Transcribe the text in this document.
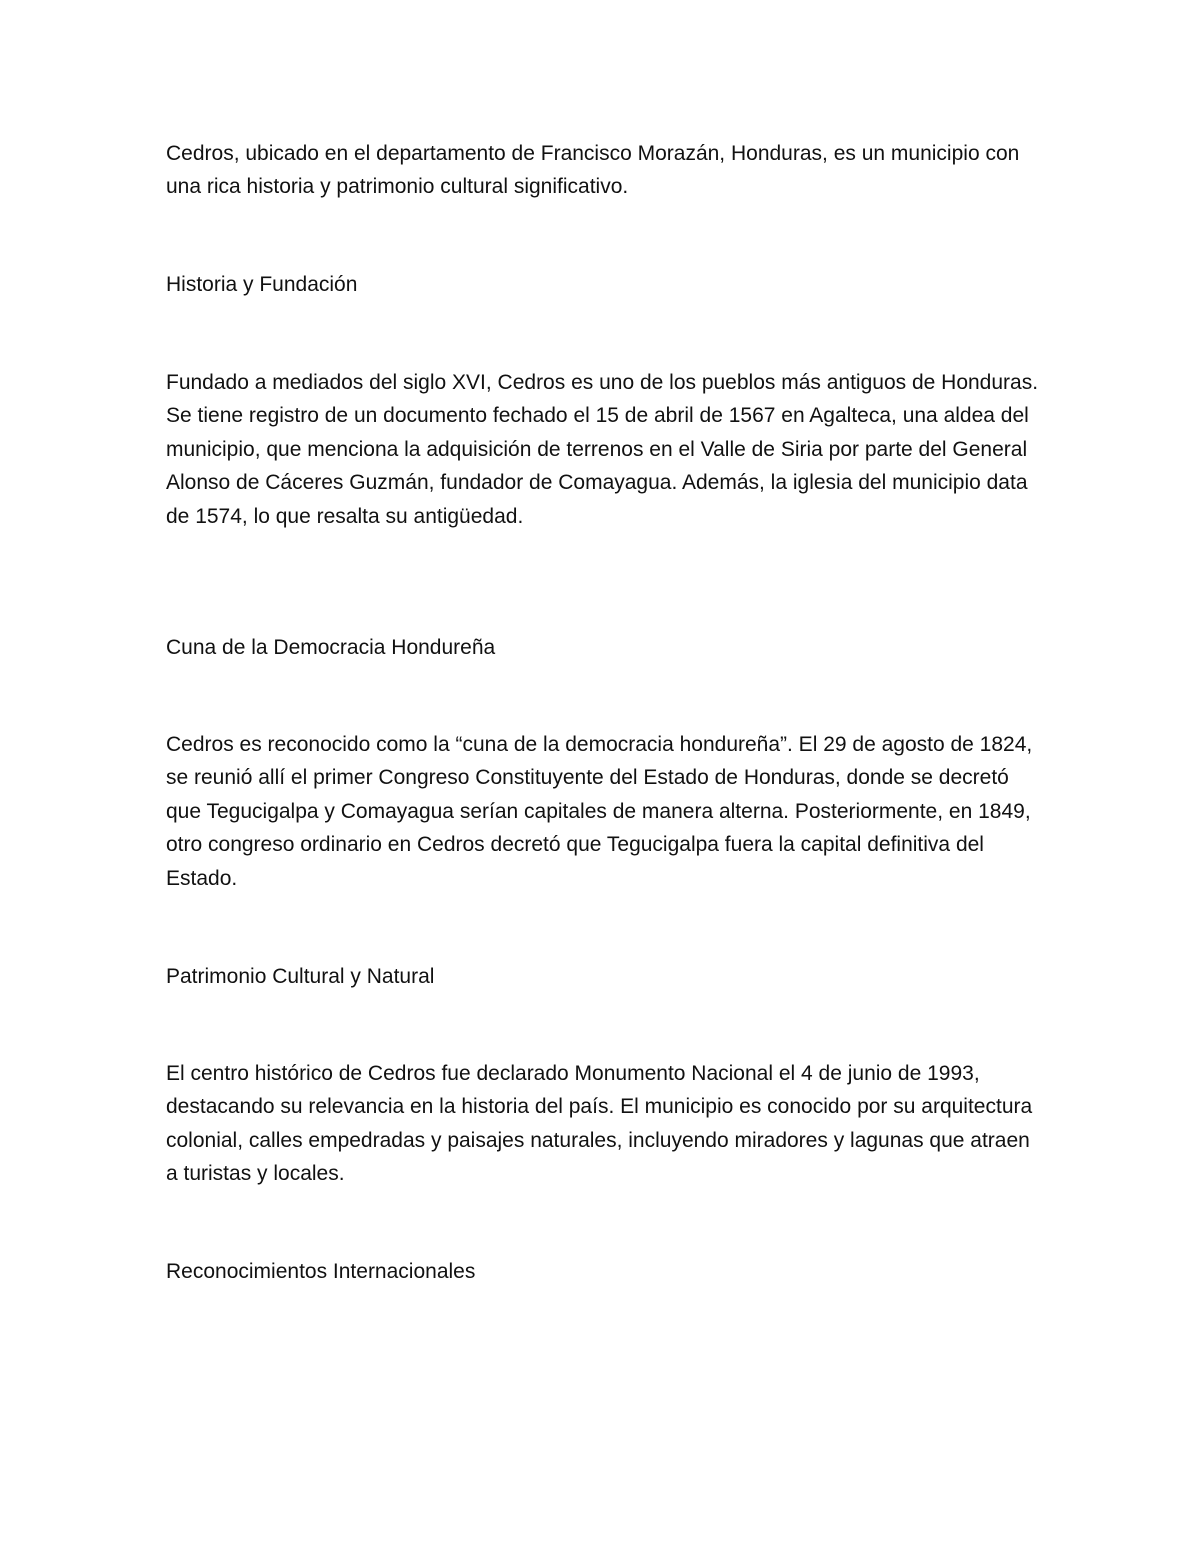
Cedros, ubicado en el departamento de Francisco Morazán, Honduras, es un municipio con una rica historia y patrimonio cultural significativo.

Historia y Fundación

Fundado a mediados del siglo XVI, Cedros es uno de los pueblos más antiguos de Honduras. Se tiene registro de un documento fechado el 15 de abril de 1567 en Agalteca, una aldea del municipio, que menciona la adquisición de terrenos en el Valle de Siria por parte del General Alonso de Cáceres Guzmán, fundador de Comayagua. Además, la iglesia del municipio data de 1574, lo que resalta su antigüedad.

Cuna de la Democracia Hondureña

Cedros es reconocido como la “cuna de la democracia hondureña”. El 29 de agosto de 1824, se reunió allí el primer Congreso Constituyente del Estado de Honduras, donde se decretó que Tegucigalpa y Comayagua serían capitales de manera alterna. Posteriormente, en 1849, otro congreso ordinario en Cedros decretó que Tegucigalpa fuera la capital definitiva del Estado.

Patrimonio Cultural y Natural

El centro histórico de Cedros fue declarado Monumento Nacional el 4 de junio de 1993, destacando su relevancia en la historia del país. El municipio es conocido por su arquitectura colonial, calles empedradas y paisajes naturales, incluyendo miradores y lagunas que atraen a turistas y locales.

Reconocimientos Internacionales
